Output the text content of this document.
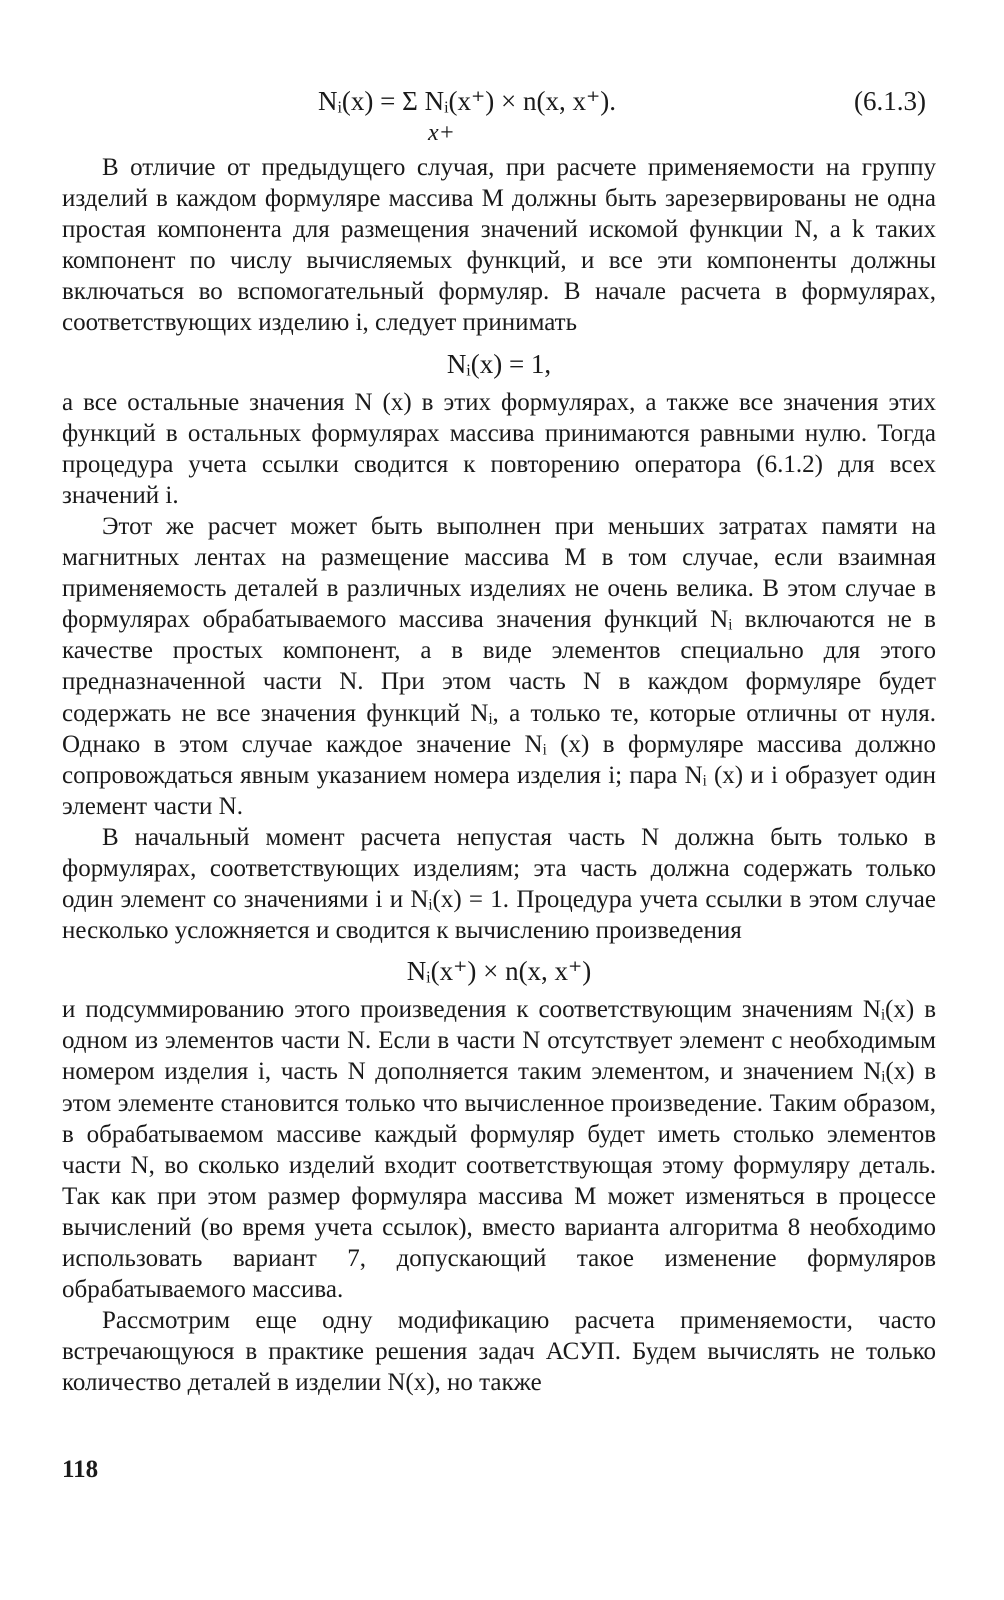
Nᵢ(x) = Σ Nᵢ(x⁺) × n(x, x⁺).
x+
(6.1.3)

В отличие от предыдущего случая, при расчете применяемости на группу изделий в каждом формуляре массива M должны быть зарезервированы не одна простая компонента для размещения значений искомой функции N, а k таких компонент по числу вычисляемых функций, и все эти компоненты должны включаться во вспомогательный формуляр. В начале расчета в формулярах, соответствующих изделию i, следует принимать

Nᵢ(x) = 1,

а все остальные значения N (x) в этих формулярах, а также все значения этих функций в остальных формулярах массива принимаются равными нулю. Тогда процедура учета ссылки сводится к повторению оператора (6.1.2) для всех значений i.

Этот же расчет может быть выполнен при меньших затратах памяти на магнитных лентах на размещение массива M в том случае, если взаимная применяемость деталей в различных изделиях не очень велика. В этом случае в формулярах обрабатываемого массива значения функций Nᵢ включаются не в качестве простых компонент, а в виде элементов специально для этого предназначенной части N. При этом часть N в каждом формуляре будет содержать не все значения функций Nᵢ, а только те, которые отличны от нуля. Однако в этом случае каждое значение Nᵢ (x) в формуляре массива должно сопровождаться явным указанием номера изделия i; пара Nᵢ (x) и i образует один элемент части N.

В начальный момент расчета непустая часть N должна быть только в формулярах, соответствующих изделиям; эта часть должна содержать только один элемент со значениями i и Nᵢ(x) = 1. Процедура учета ссылки в этом случае несколько усложняется и сводится к вычислению произведения

Nᵢ(x⁺) × n(x, x⁺)

и подсуммированию этого произведения к соответствующим значениям Nᵢ(x) в одном из элементов части N. Если в части N отсутствует элемент с необходимым номером изделия i, часть N дополняется таким элементом, и значением Nᵢ(x) в этом элементе становится только что вычисленное произведение. Таким образом, в обрабатываемом массиве каждый формуляр будет иметь столько элементов части N, во сколько изделий входит соответствующая этому формуляру деталь. Так как при этом размер формуляра массива M может изменяться в процессе вычислений (во время учета ссылок), вместо варианта алгоритма 8 необходимо использовать вариант 7, допускающий такое изменение формуляров обрабатываемого массива.

Рассмотрим еще одну модификацию расчета применяемости, часто встречающуюся в практике решения задач АСУП. Будем вычислять не только количество деталей в изделии N(x), но также

118
